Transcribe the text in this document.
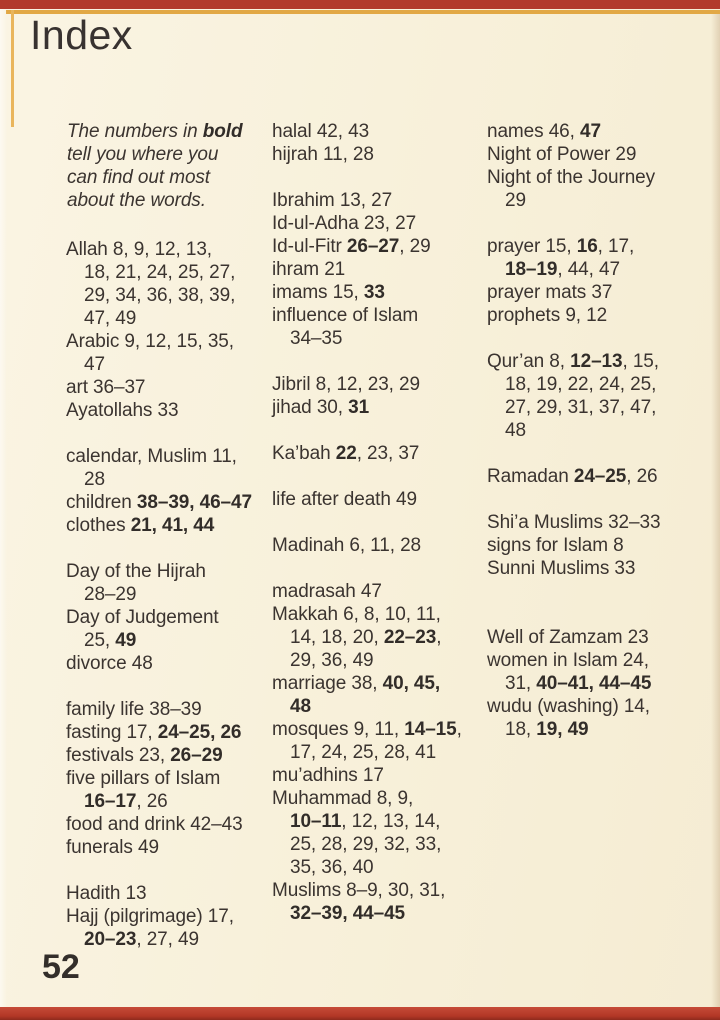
Index
The numbers in bold
tell you where you
can find out most
about the words.
Allah 8, 9, 12, 13,
18, 21, 24, 25, 27,
29, 34, 36, 38, 39,
47, 49
Arabic 9, 12, 15, 35,
47
art 36–37
Ayatollahs 33
calendar, Muslim 11,
28
children 38–39, 46–47
clothes 21, 41, 44
Day of the Hijrah
28–29
Day of Judgement
25, 49
divorce 48
family life 38–39
fasting 17, 24–25, 26
festivals 23, 26–29
five pillars of Islam
16–17, 26
food and drink 42–43
funerals 49
Hadith 13
Hajj (pilgrimage) 17,
20–23, 27, 49
halal 42, 43
hijrah 11, 28
Ibrahim 13, 27
Id-ul-Adha 23, 27
Id-ul-Fitr 26–27, 29
ihram 21
imams 15, 33
influence of Islam
34–35
Jibril 8, 12, 23, 29
jihad 30, 31
Ka’bah 22, 23, 37
life after death 49
Madinah 6, 11, 28
madrasah 47
Makkah 6, 8, 10, 11,
14, 18, 20, 22–23,
29, 36, 49
marriage 38, 40, 45,
48
mosques 9, 11, 14–15,
17, 24, 25, 28, 41
mu’adhins 17
Muhammad 8, 9,
10–11, 12, 13, 14,
25, 28, 29, 32, 33,
35, 36, 40
Muslims 8–9, 30, 31,
32–39, 44–45
names 46, 47
Night of Power 29
Night of the Journey
29
prayer 15, 16, 17,
18–19, 44, 47
prayer mats 37
prophets 9, 12
Qur’an 8, 12–13, 15,
18, 19, 22, 24, 25,
27, 29, 31, 37, 47,
48
Ramadan 24–25, 26
Shi’a Muslims 32–33
signs for Islam 8
Sunni Muslims 33
Well of Zamzam 23
women in Islam 24,
31, 40–41, 44–45
wudu (washing) 14,
18, 19, 49
52
